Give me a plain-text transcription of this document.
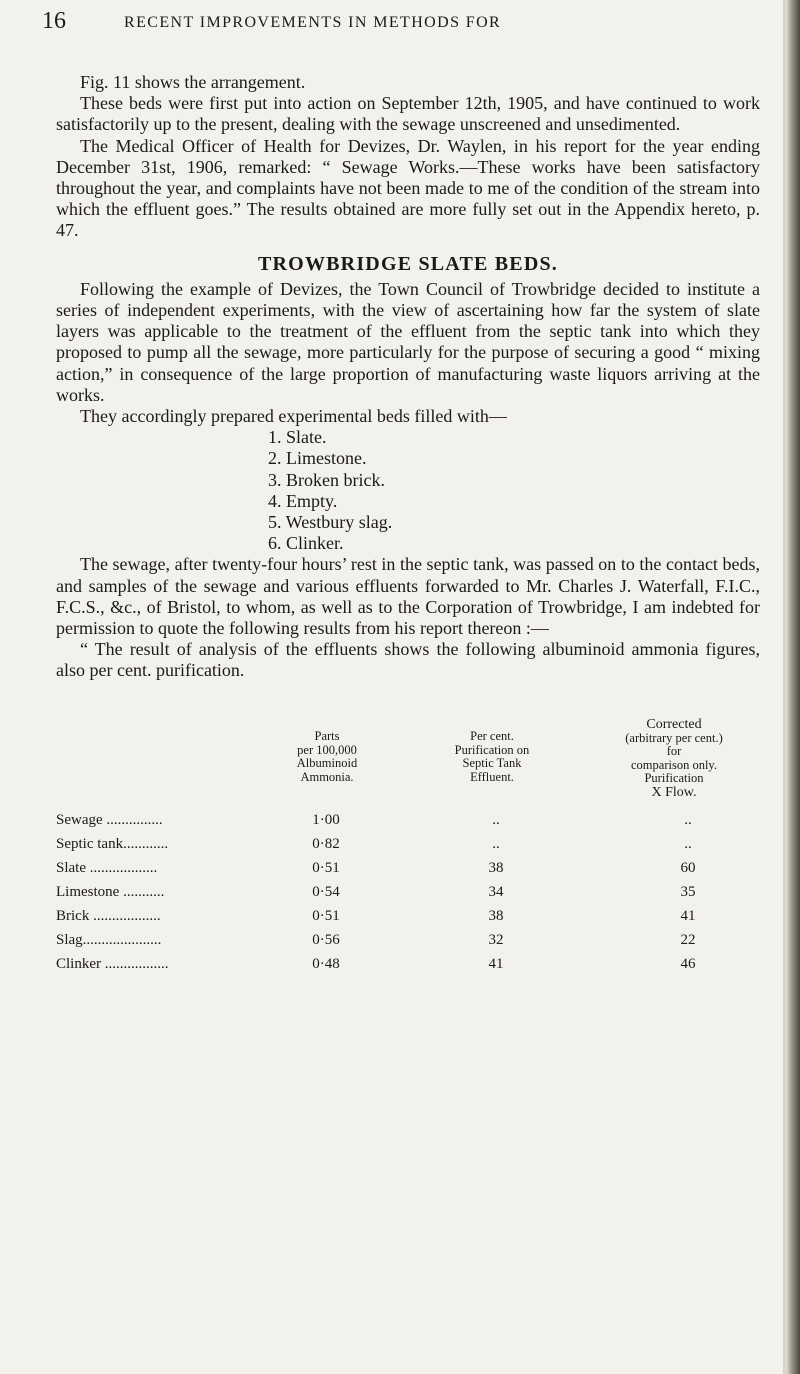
16	RECENT IMPROVEMENTS IN METHODS FOR

Fig. 11 shows the arrangement.

These beds were first put into action on September 12th, 1905, and have continued to work satisfactorily up to the present, dealing with the sewage unscreened and unsedimented.

The Medical Officer of Health for Devizes, Dr. Waylen, in his report for the year ending December 31st, 1906, remarked: “ Sewage Works.—These works have been satisfactory throughout the year, and complaints have not been made to me of the condition of the stream into which the effluent goes.” The results obtained are more fully set out in the Appendix hereto, p. 47.

TROWBRIDGE SLATE BEDS.

Following the example of Devizes, the Town Council of Trowbridge decided to institute a series of independent experiments, with the view of ascertaining how far the system of slate layers was applicable to the treatment of the effluent from the septic tank into which they proposed to pump all the sewage, more particularly for the purpose of securing a good “ mixing action,” in consequence of the large proportion of manufacturing waste liquors arriving at the works.

They accordingly prepared experimental beds filled with—

1. Slate.
2. Limestone.
3. Broken brick.
4. Empty.
5. Westbury slag.
6. Clinker.

The sewage, after twenty-four hours’ rest in the septic tank, was passed on to the contact beds, and samples of the sewage and various effluents forwarded to Mr. Charles J. Waterfall, F.I.C., F.C.S., &c., of Bristol, to whom, as well as to the Corporation of Trowbridge, I am indebted for permission to quote the following results from his report thereon :—

“ The result of analysis of the effluents shows the following albuminoid ammonia figures, also per cent. purification.

Parts
per 100,000
Albuminoid
Ammonia.
Per cent.
Purification on
Septic Tank
Effluent.
Corrected
(arbitrary per cent.)
for
comparison only.
Purification
X Flow.
Sewage ...............	1·00	..	..
Septic tank............	0·82	..	..
Slate ..................	0·51	38	60
Limestone ...........	0·54	34	35
Brick ..................	0·51	38	41
Slag.....................	0·56	32	22
Clinker .................	0·48	41	46
